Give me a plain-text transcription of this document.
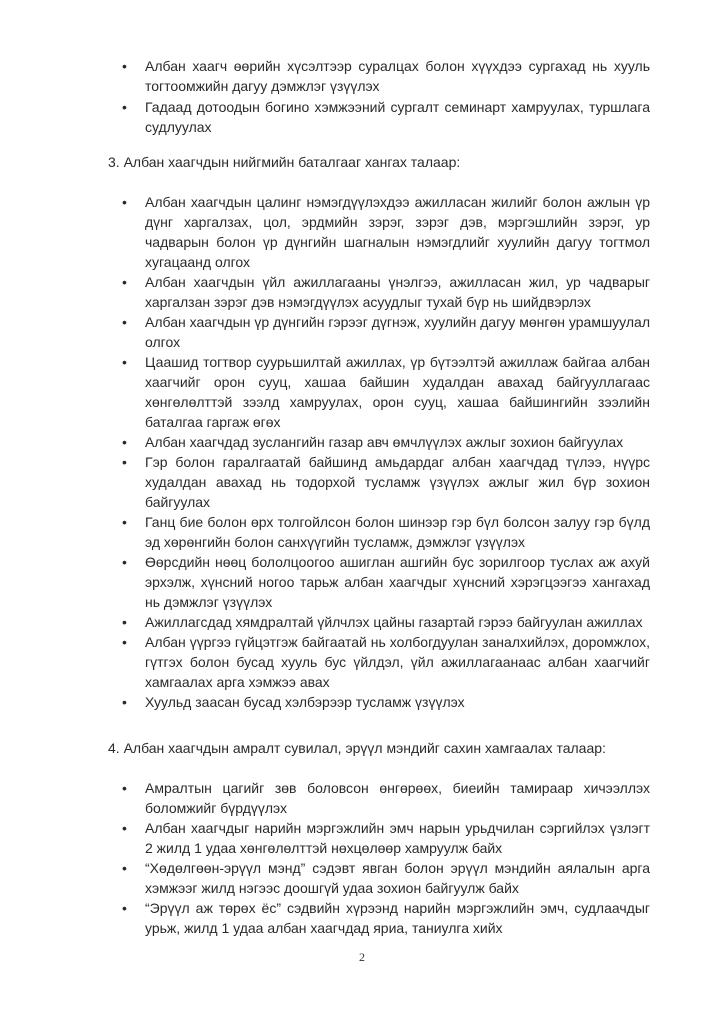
• Албан хаагч өөрийн хүсэлтээр суралцах болон хүүхдээ сургахад нь хууль тогтоомжийн дагуу дэмжлэг үзүүлэх
• Гадаад дотоодын богино хэмжээний сургалт семинарт хамруулах, туршлага судлуулах
3. Албан хаагчдын нийгмийн баталгааг хангах талаар:
• Албан хаагчдын цалинг нэмэгдүүлэхдээ ажилласан жилийг болон ажлын үр дүнг харгалзах, цол, эрдмийн зэрэг, зэрэг дэв, мэргэшлийн зэрэг, ур чадварын болон үр дүнгийн шагналын нэмэгдлийг хуулийн дагуу тогтмол хугацаанд олгох
• Албан хаагчдын үйл ажиллагааны үнэлгээ, ажилласан жил, ур чадварыг харгалзан зэрэг дэв нэмэгдүүлэх асуудлыг тухай бүр нь шийдвэрлэх
• Албан хаагчдын үр дүнгийн гэрээг дүгнэж, хуулийн дагуу мөнгөн урамшуулал олгох
• Цаашид тогтвор суурьшилтай ажиллах, үр бүтээлтэй ажиллаж байгаа албан хаагчийг орон сууц, хашаа байшин худалдан авахад байгууллагаас хөнгөлөлттэй зээлд хамруулах, орон сууц, хашаа байшингийн зээлийн баталгаа гаргаж өгөх
• Албан хаагчдад зуслангийн газар авч өмчлүүлэх ажлыг зохион байгуулах
• Гэр болон гаралгаатай байшинд амьдардаг албан хаагчдад түлээ, нүүрс худалдан авахад нь тодорхой тусламж үзүүлэх ажлыг жил бүр зохион байгуулах
• Ганц бие болон өрх толгойлсон болон шинээр гэр бүл болсон залуу гэр бүлд эд хөрөнгийн болон санхүүгийн тусламж, дэмжлэг үзүүлэх
• Өөрсдийн нөөц бололцоогоо ашиглан ашгийн бус зорилгоор туслах аж ахуй эрхэлж, хүнсний ногоо тарьж албан хаагчдыг хүнсний хэрэгцээгээ хангахад нь дэмжлэг үзүүлэх
• Ажиллагсдад хямдралтай үйлчлэх цайны газартай гэрээ байгуулан ажиллах
• Албан үүргээ гүйцэтгэж байгаатай нь холбогдуулан заналхийлэх, доромжлох, гүтгэх болон бусад хууль бус үйлдэл, үйл ажиллагаанаас албан хаагчийг хамгаалах арга хэмжээ авах
• Хуульд заасан бусад хэлбэрээр тусламж үзүүлэх
4. Албан хаагчдын амралт сувилал, эрүүл мэндийг сахин хамгаалах талаар:
• Амралтын цагийг зөв боловсон өнгөрөөх, биеийн тамираар хичээллэх боломжийг бүрдүүлэх
• Албан хаагчдыг нарийн мэргэжлийн эмч нарын урьдчилан сэргийлэх үзлэгт 2 жилд 1 удаа хөнгөлөлттэй нөхцөлөөр хамруулж байх
• “Хөдөлгөөн-эрүүл мэнд” сэдэвт явган болон эрүүл мэндийн аялалын арга хэмжээг жилд нэгээс доошгүй удаа зохион байгуулж байх
• “Эрүүл аж төрөх ёс” сэдвийн хүрээнд нарийн мэргэжлийн эмч, судлаачдыг урьж, жилд 1 удаа албан хаагчдад яриа, таниулга хийх
2
